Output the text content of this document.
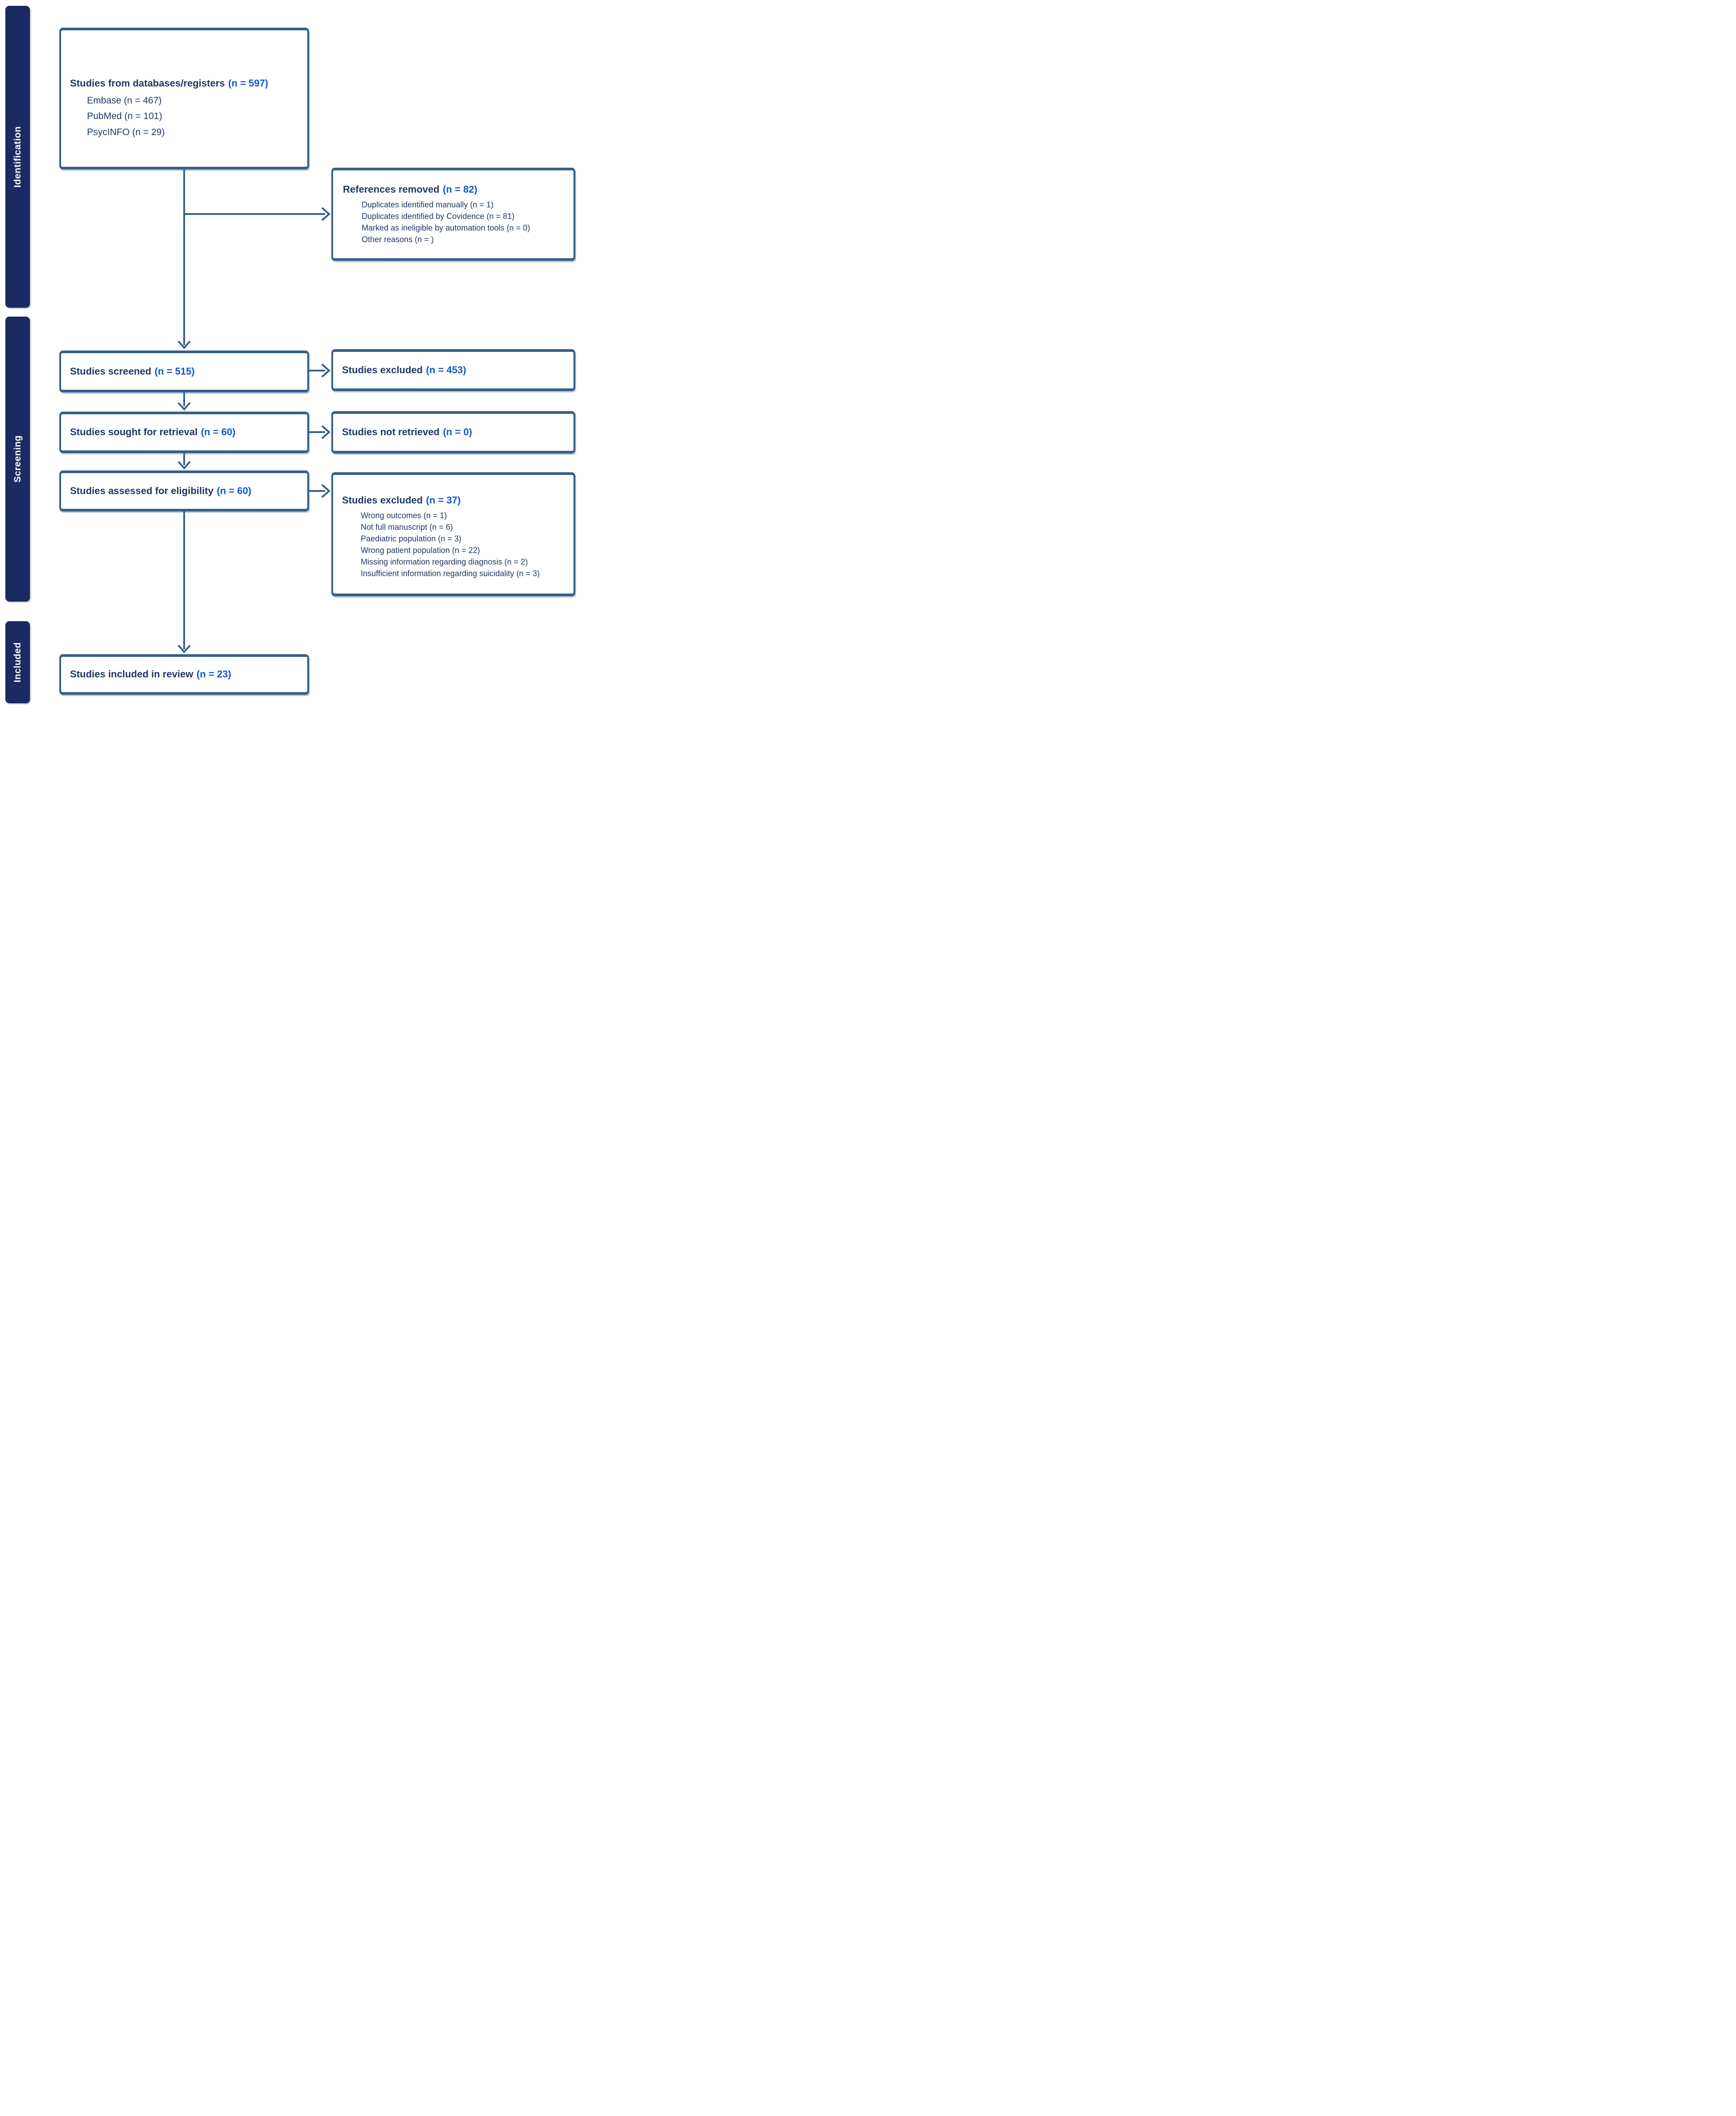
Identification
Screening
Included
Studies from databases/registers (n = 597)
Embase (n = 467)
PubMed (n = 101)
PsycINFO (n = 29)
References removed (n = 82)
Duplicates identified manually (n = 1)
Duplicates identified by Covidence (n = 81)
Marked as ineligible by automation tools (n = 0)
Other reasons (n = )
Studies screened (n = 515)	Studies excluded (n = 453)
Studies sought for retrieval (n = 60)	Studies not retrieved (n = 0)
Studies assessed for eligibility (n = 60)
Studies excluded (n = 37)
Wrong outcomes (n = 1)
Not full manuscript (n = 6)
Paediatric population (n = 3)
Wrong patient population (n = 22)
Missing information regarding diagnosis (n = 2)
Insufficient information regarding suicidality (n = 3)
Studies included in review (n = 23)
